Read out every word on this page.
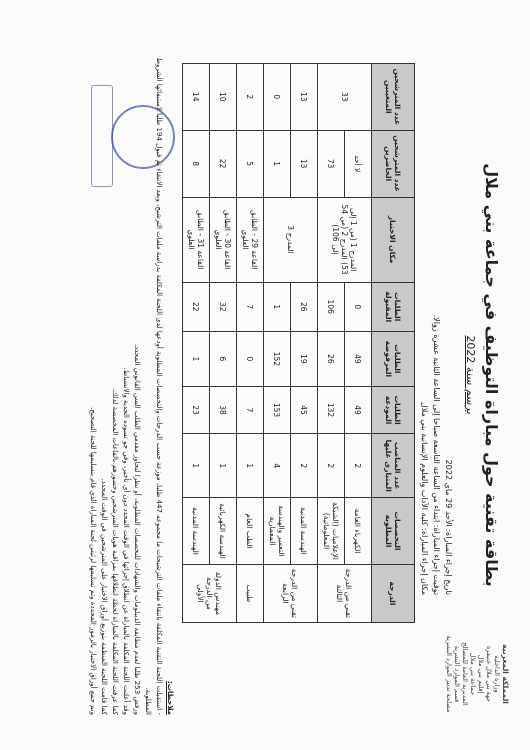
المملكة المغربية
وزارة الداخلية
جهة بني ملال خنيفرة
إقليم بني ملال
جماعة بني ملال
المديرية العامة للمصالح
قسم الموارد البشرية
مصلحة تدبير الموارد البشرية
بطاقة تقنية حول مباراة التوظيف في جماعة بني ملال
برسم سنة 2022
تاريخ إجراء المباراة: الأحد 29 ماي 2022
توقيت إجراء المباراة: ابتداء من الساعة التاسعة صباحا إلى الساعة الثانية عشرة زوالا.
مكان إجراء المباراة: كلية الآداب والعلوم الإنسانية بني ملال
الدرجة	التخصصات المطلوبة	عدد المناصب المتبارى عليها	الطلبات المودعة	الطلبات المرفوضة	الطلبات المقبولة	مكان الاختبار	عدد المترشحين الحاضرين	عدد المترشحين المتغيبين
تقني من الدرجة الثالثة	الكهرباء العامة	2	49	49	0	المدرج 1 (من 1 إلى 53) المدرج 2 (من 54 إلى 106)	لا أحد	33
	الإعلاميات (الشبكة المعلوماتية)	2	132	26	106		73	
تقني من الدرجة الرابعة	الهندسة المدنية	2	45	19	26	المدرج 3	13	13
	التعمير والهندسة المعمارية	4	153	152	1		1	0
طبيب	الطب العام	1	7	0	7	القاعة 29 - الطابق العلوي	5	2
مهندس الدولة من الدرجة الأولى	الهندسة الكهربائية	1	38	6	32	القاعة 30 - الطابق العلوي	22	10
	الهندسة المدنية	1	23	1	22	القاعة 31 - الطابق العلوي	8	14
ملاحظات:
- استقبلت اللجنة التقنية المكلفة بانتقاء ملفات الترشيحات ما مجموعه 447 طلبا، موزعة حسب الدرجات والتخصصات المطلوبة أودعها لدى اللجنة المكلفة بدراسة ملفات الترشيح، وبعد الانتقاء تم قبول 194 طلبا لاستيفائها الشروط المطلوبة.
ورفض 253 طلبا لعدم مطابقة الديبلومات والشهادات للتخصصات المطلوبة، أو نظرا لتجاوز مقدمي الطلب السن القانوني المحدد.
وقد أعلنت اللجنة المكلفة بالمباراة عن انطلاق إجرائها في الوقت المحدد دون أي تأخير، وفي جو تسوده الجدية والانضباط.
كما عرفت اللجنة المكلفة بالمباراة لحظة انطلاقها بمراقبة هويات المترشحين وحضورهم بالقاعات المخصصة لذلك.
كما قامت اللجنة المنظمة بتوزيع أوراق الاختبار على المترشحين في الوقت المحدد.
وتم جمع أوراق الاختبار بالرموز المحددة وتم تسليمها لرئيس لجنة المباراة الذي قام بتسليمها للجنة التصحيح.
